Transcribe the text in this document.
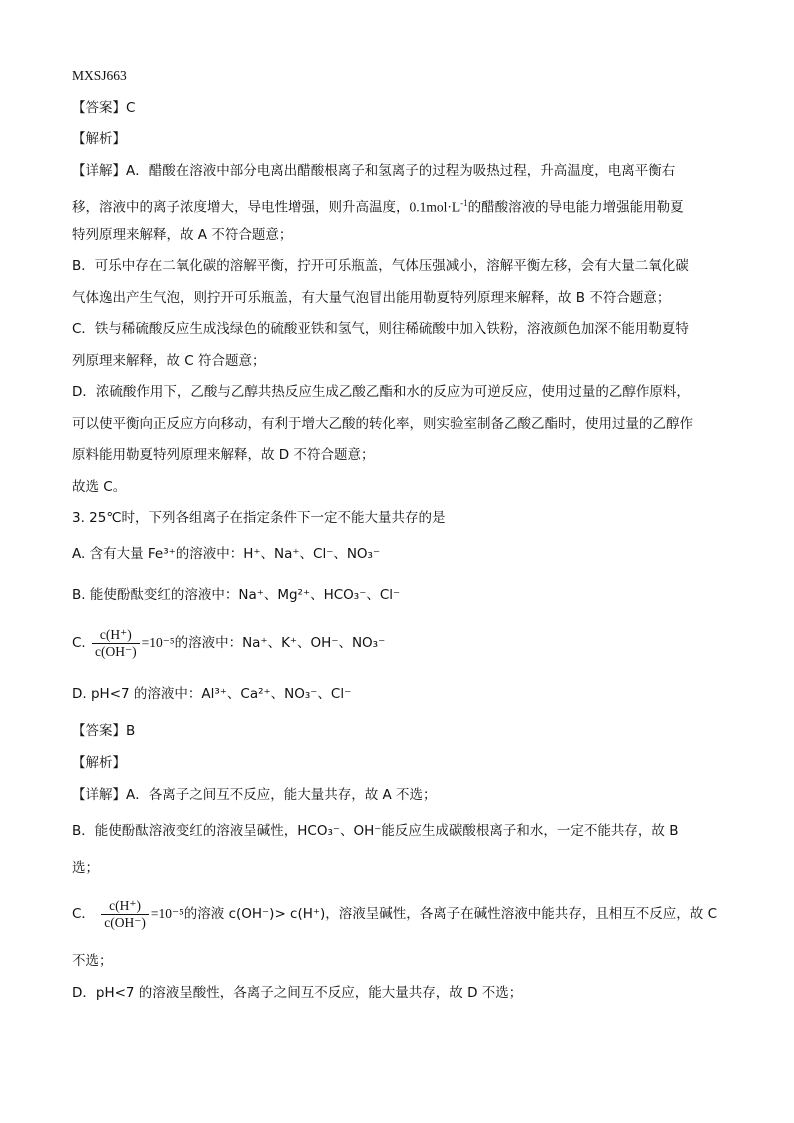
MXSJ663
【答案】C
【解析】
【详解】A．醋酸在溶液中部分电离出醋酸根离子和氢离子的过程为吸热过程，升高温度，电离平衡右
移，溶液中的离子浓度增大，导电性增强，则升高温度，$0.1mol\cdot L^{-1}$的醋酸溶液的导电能力增强能用勒夏
特列原理来解释，故 A 不符合题意；
B．可乐中存在二氧化碳的溶解平衡，拧开可乐瓶盖，气体压强减小，溶解平衡左移，会有大量二氧化碳
气体逸出产生气泡，则拧开可乐瓶盖，有大量气泡冒出能用勒夏特列原理来解释，故 B 不符合题意；
C．铁与稀硫酸反应生成浅绿色的硫酸亚铁和氢气，则往稀硫酸中加入铁粉，溶液颜色加深不能用勒夏特
列原理来解释，故 C 符合题意；
D．浓硫酸作用下，乙酸与乙醇共热反应生成乙酸乙酯和水的反应为可逆反应，使用过量的乙醇作原料，
可以使平衡向正反应方向移动，有利于增大乙酸的转化率，则实验室制备乙酸乙酯时，使用过量的乙醇作
原料能用勒夏特列原理来解释，故 D 不符合题意；
故选 C。
3. 25℃时，下列各组离子在指定条件下一定不能大量共存的是
A. 含有大量 Fe³⁺的溶液中：H⁺、Na⁺、Cl⁻、NO₃⁻
B. 能使酚酞变红的溶液中：Na⁺、Mg²⁺、HCO₃⁻、Cl⁻
C. $\frac{c(H^+)}{c(OH^-)} =10^{-5}$的溶液中：Na⁺、K⁺、OH⁻、NO₃⁻
D. pH<7 的溶液中：Al³⁺、Ca²⁺、NO₃⁻、Cl⁻
【答案】B
【解析】
【详解】A．各离子之间互不反应，能大量共存，故 A 不选；
B．能使酚酞溶液变红的溶液呈碱性，HCO₃⁻、OH⁻能反应生成碳酸根离子和水，一定不能共存，故 B
选；
C． $\frac{c(H^+)}{c(OH^-)} =10^{-5}$的溶液 c(OH⁻)> c(H⁺)，溶液呈碱性，各离子在碱性溶液中能共存，且相互不反应，故 C
不选；
D．pH<7 的溶液呈酸性，各离子之间互不反应，能大量共存，故 D 不选；
